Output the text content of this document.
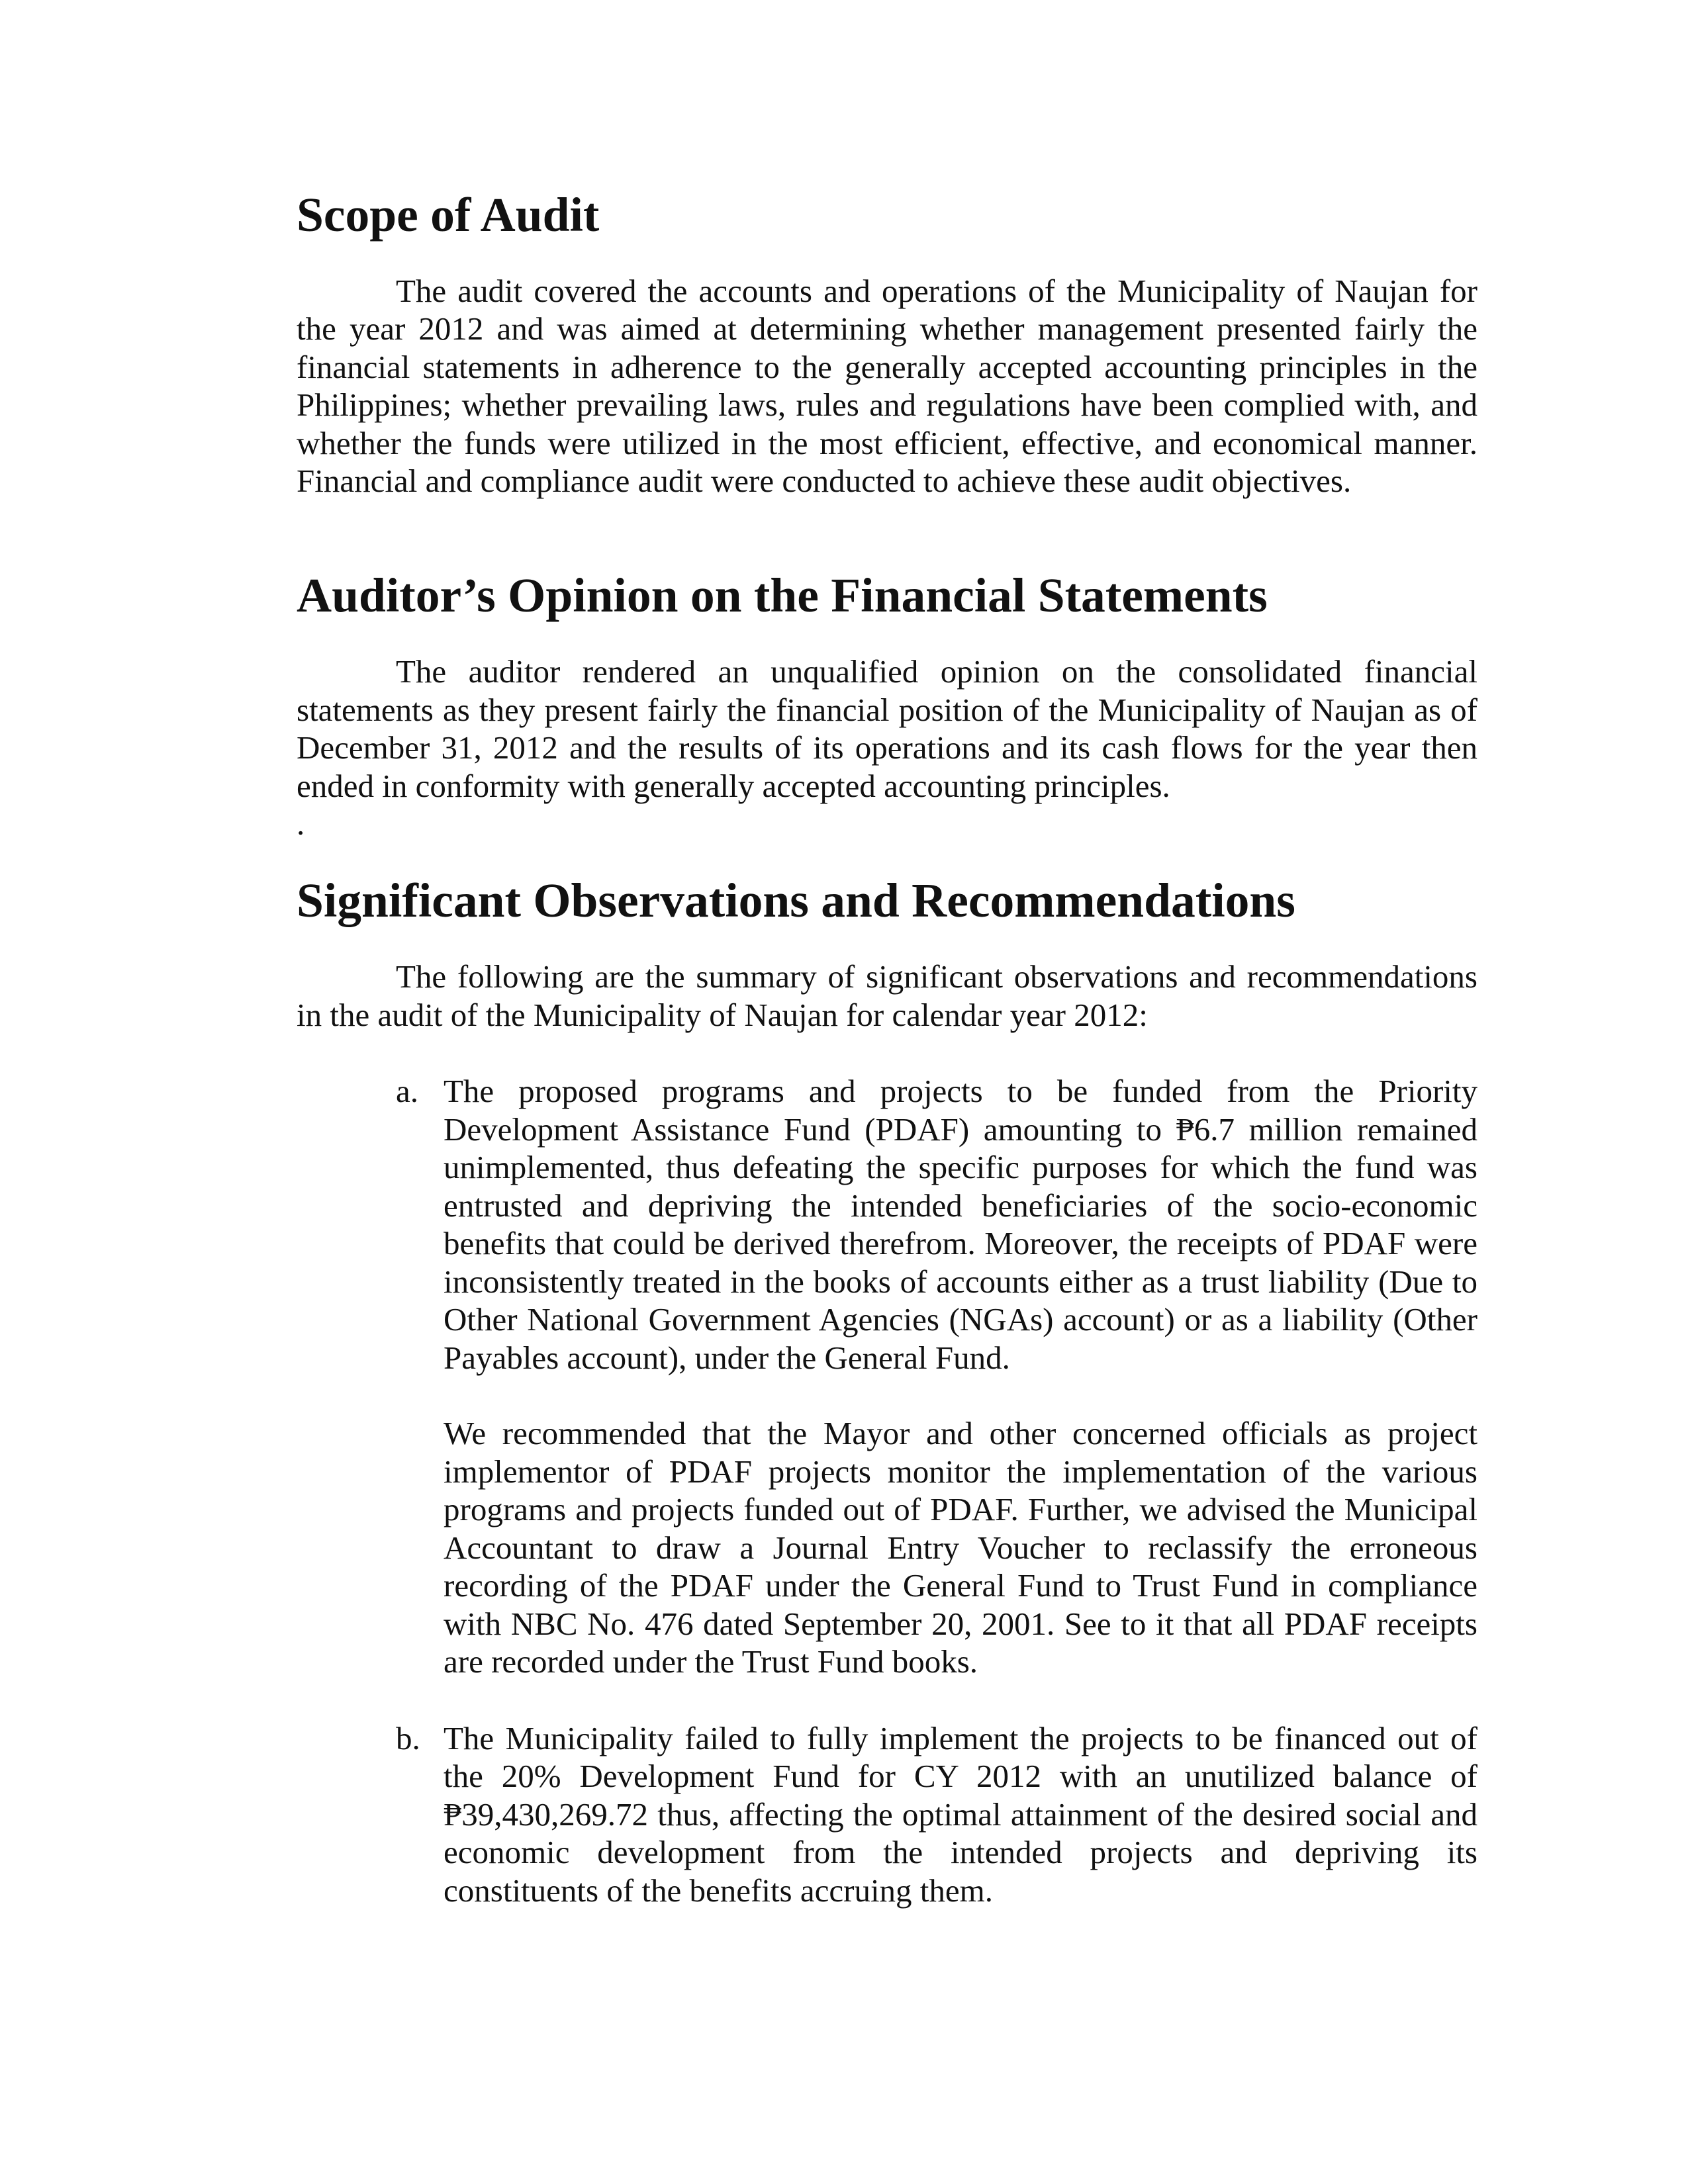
Scope of Audit

The audit covered the accounts and operations of the Municipality of Naujan for the year 2012 and was aimed at determining whether management presented fairly the financial statements in adherence to the generally accepted accounting principles in the Philippines; whether prevailing laws, rules and regulations have been complied with, and whether the funds were utilized in the most efficient, effective, and economical manner. Financial and compliance audit were conducted to achieve these audit objectives.

Auditor’s Opinion on the Financial Statements

The auditor rendered an unqualified opinion on the consolidated financial statements as they present fairly the financial position of the Municipality of Naujan as of December 31, 2012 and the results of its operations and its cash flows for the year then ended in conformity with generally accepted accounting principles.

.
Significant Observations and Recommendations

The following are the summary of significant observations and recommendations in the audit of the Municipality of Naujan for calendar year 2012:

a. The proposed programs and projects to be funded from the Priority Development Assistance Fund (PDAF) amounting to ₱6.7 million remained unimplemented, thus defeating the specific purposes for which the fund was entrusted and depriving the intended beneficiaries of the socio-economic benefits that could be derived therefrom. Moreover, the receipts of PDAF were inconsistently treated in the books of accounts either as a trust liability (Due to Other National Government Agencies (NGAs) account) or as a liability (Other Payables account), under the General Fund.

We recommended that the Mayor and other concerned officials as project implementor of PDAF projects monitor the implementation of the various programs and projects funded out of PDAF. Further, we advised the Municipal Accountant to draw a Journal Entry Voucher to reclassify the erroneous recording of the PDAF under the General Fund to Trust Fund in compliance with NBC No. 476 dated September 20, 2001. See to it that all PDAF receipts are recorded under the Trust Fund books.

b. The Municipality failed to fully implement the projects to be financed out of the 20% Development Fund for CY 2012 with an unutilized balance of ₱39,430,269.72 thus, affecting the optimal attainment of the desired social and economic development from the intended projects and depriving its constituents of the benefits accruing them.
